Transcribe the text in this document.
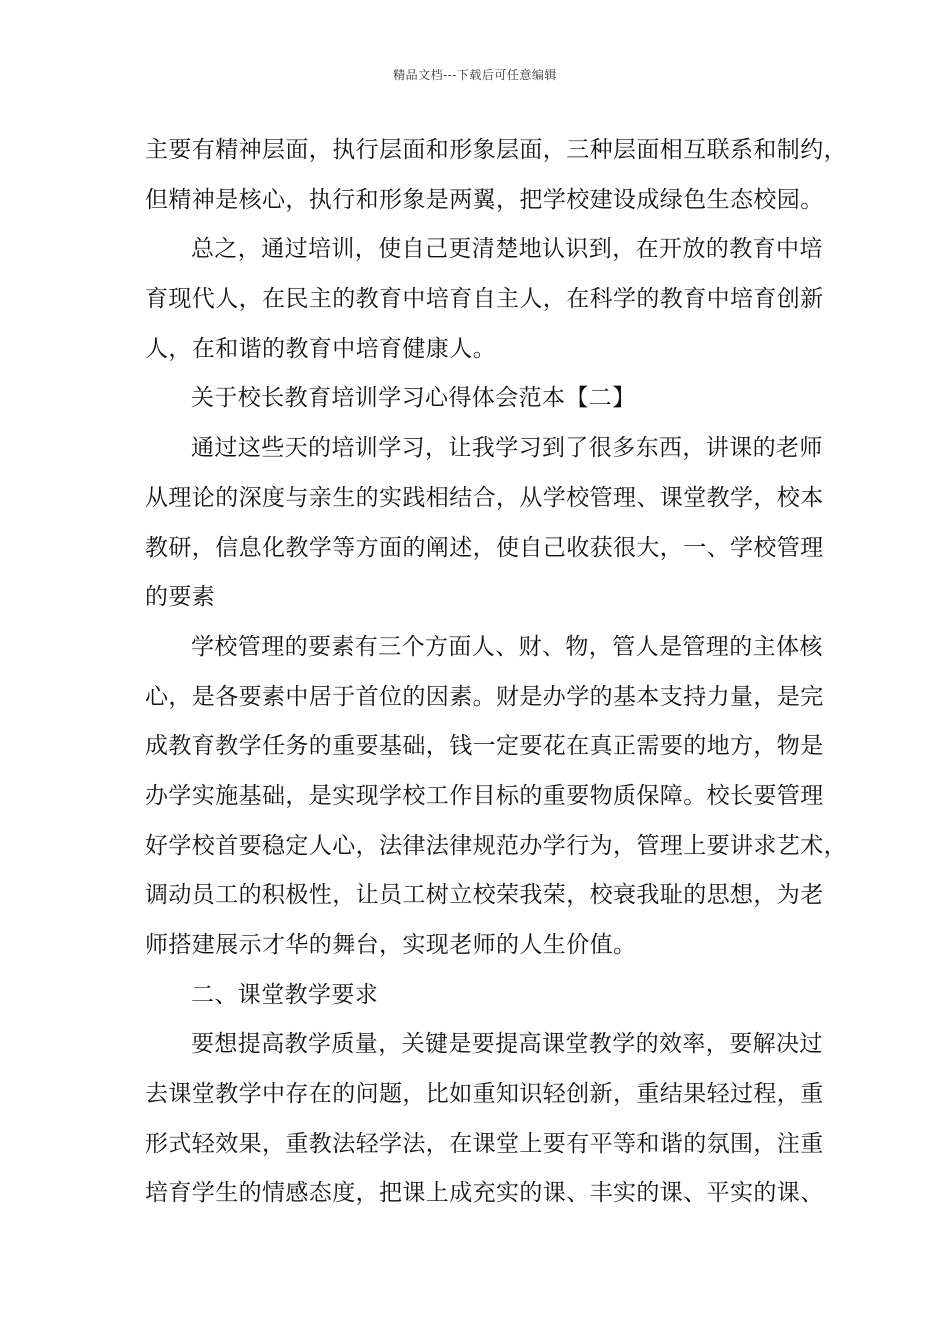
精品文档---下载后可任意编辑
主要有精神层面，执行层面和形象层面，三种层面相互联系和制约，
但精神是核心，执行和形象是两翼，把学校建设成绿色生态校园。
总之，通过培训，使自己更清楚地认识到，在开放的教育中培
育现代人，在民主的教育中培育自主人，在科学的教育中培育创新
人，在和谐的教育中培育健康人。
关于校长教育培训学习心得体会范本【二】
通过这些天的培训学习，让我学习到了很多东西，讲课的老师
从理论的深度与亲生的实践相结合，从学校管理、课堂教学，校本
教研，信息化教学等方面的阐述，使自己收获很大，一、学校管理
的要素
学校管理的要素有三个方面人、财、物，管人是管理的主体核
心，是各要素中居于首位的因素。财是办学的基本支持力量，是完
成教育教学任务的重要基础，钱一定要花在真正需要的地方，物是
办学实施基础，是实现学校工作目标的重要物质保障。校长要管理
好学校首要稳定人心，法律法律规范办学行为，管理上要讲求艺术，
调动员工的积极性，让员工树立校荣我荣，校衰我耻的思想，为老
师搭建展示才华的舞台，实现老师的人生价值。
二、课堂教学要求
要想提高教学质量，关键是要提高课堂教学的效率，要解决过
去课堂教学中存在的问题，比如重知识轻创新，重结果轻过程，重
形式轻效果，重教法轻学法，在课堂上要有平等和谐的氛围，注重
培育学生的情感态度，把课上成充实的课、丰实的课、平实的课、
